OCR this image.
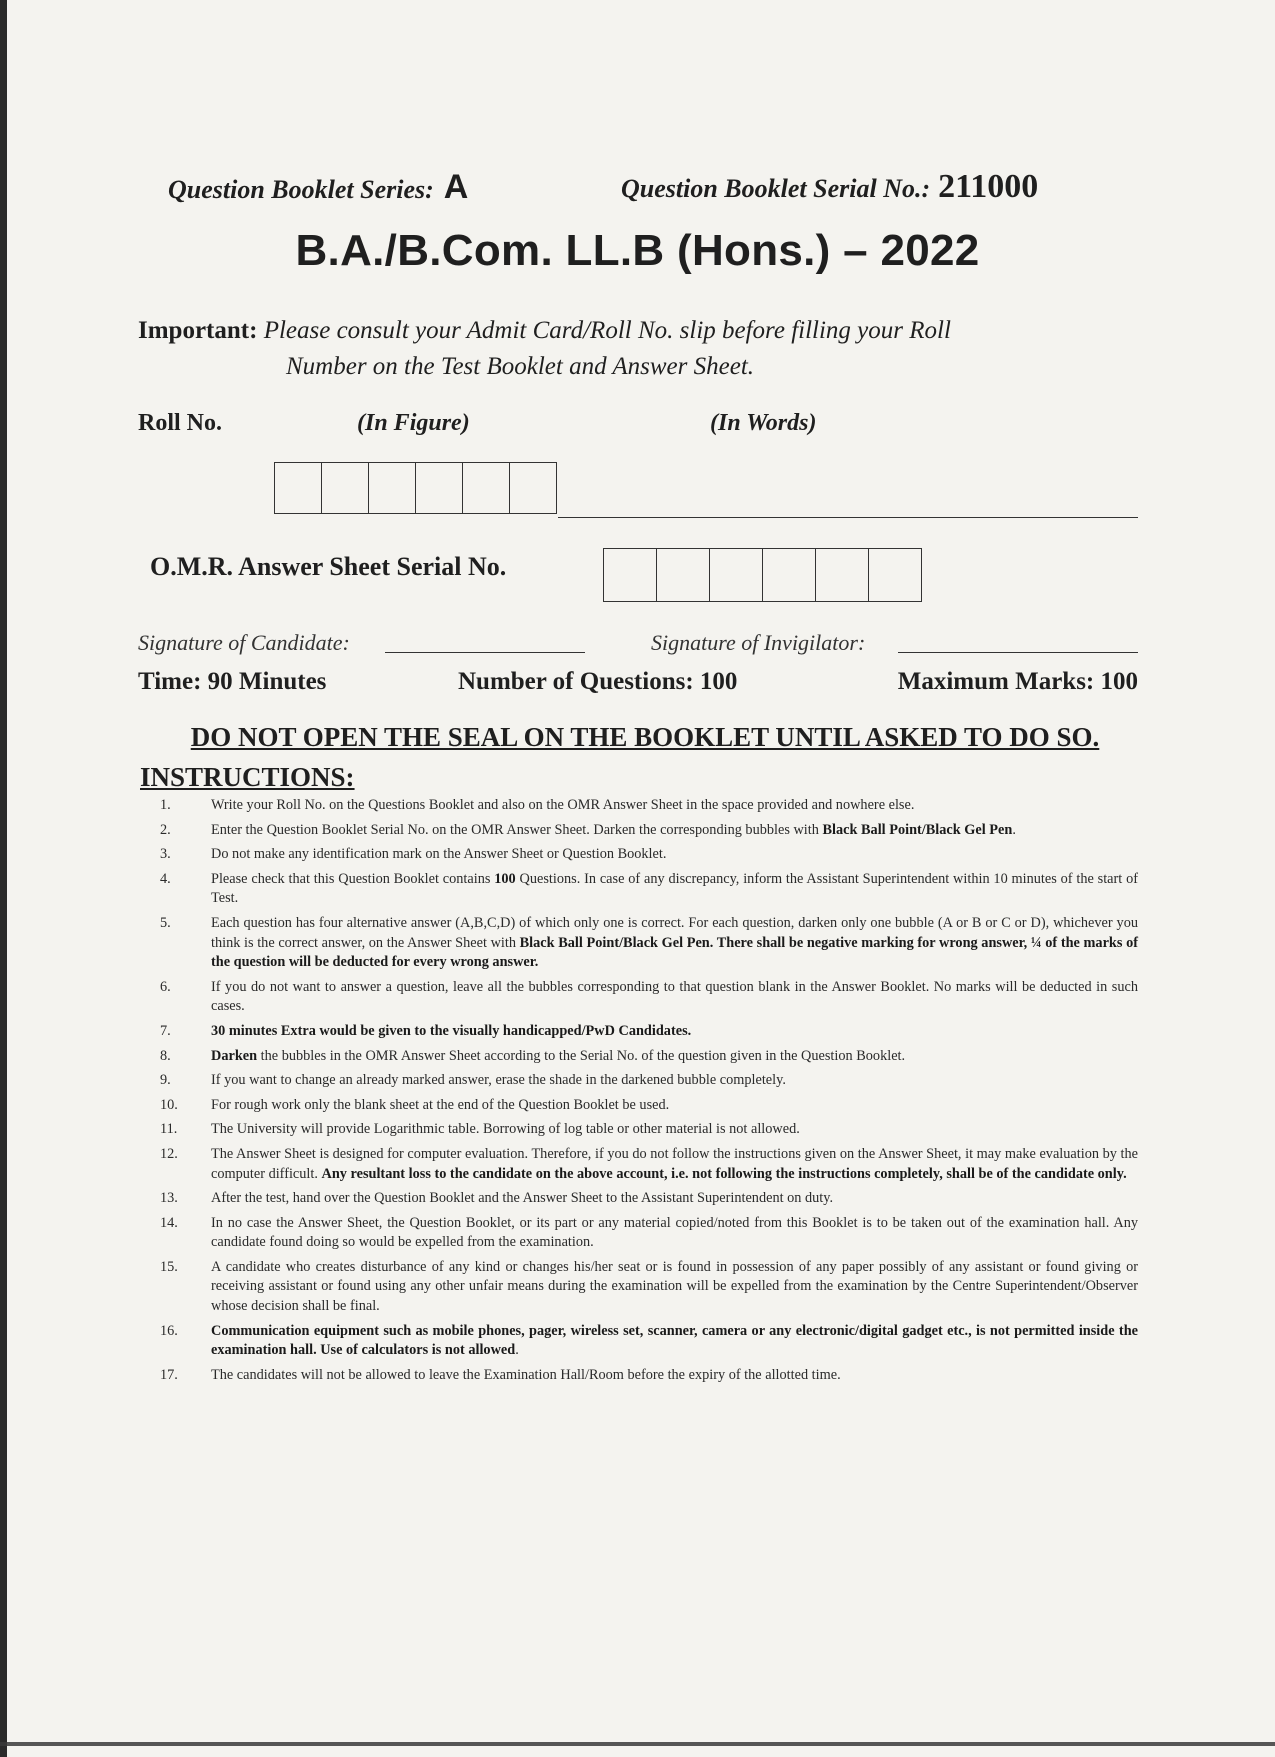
Question Booklet Series: A	Question Booklet Serial No.: 211000
B.A./B.Com. LL.B (Hons.) – 2022
Important: Please consult your Admit Card/Roll No. slip before filling your Roll
Number on the Test Booklet and Answer Sheet.
Roll No.	(In Figure)	(In Words)
O.M.R. Answer Sheet Serial No.
Signature of Candidate:	Signature of Invigilator:
Time: 90 Minutes	Number of Questions: 100	Maximum Marks: 100
DO NOT OPEN THE SEAL ON THE BOOKLET UNTIL ASKED TO DO SO.
INSTRUCTIONS:
1.	Write your Roll No. on the Questions Booklet and also on the OMR Answer Sheet in the space provided and nowhere else.
2.	Enter the Question Booklet Serial No. on the OMR Answer Sheet. Darken the corresponding bubbles with Black Ball Point/Black Gel Pen.
3.	Do not make any identification mark on the Answer Sheet or Question Booklet.
4.	Please check that this Question Booklet contains 100 Questions. In case of any discrepancy, inform the Assistant Superintendent within 10 minutes of the start of Test.
5.	Each question has four alternative answer (A,B,C,D) of which only one is correct. For each question, darken only one bubble (A or B or C or D), whichever you think is the correct answer, on the Answer Sheet with Black Ball Point/Black Gel Pen. There shall be negative marking for wrong answer, ¼ of the marks of the question will be deducted for every wrong answer.
6.	If you do not want to answer a question, leave all the bubbles corresponding to that question blank in the Answer Booklet. No marks will be deducted in such cases.
7.	30 minutes Extra would be given to the visually handicapped/PwD Candidates.
8.	Darken the bubbles in the OMR Answer Sheet according to the Serial No. of the question given in the Question Booklet.
9.	If you want to change an already marked answer, erase the shade in the darkened bubble completely.
10.	For rough work only the blank sheet at the end of the Question Booklet be used.
11.	The University will provide Logarithmic table. Borrowing of log table or other material is not allowed.
12.	The Answer Sheet is designed for computer evaluation. Therefore, if you do not follow the instructions given on the Answer Sheet, it may make evaluation by the computer difficult. Any resultant loss to the candidate on the above account, i.e. not following the instructions completely, shall be of the candidate only.
13.	After the test, hand over the Question Booklet and the Answer Sheet to the Assistant Superintendent on duty.
14.	In no case the Answer Sheet, the Question Booklet, or its part or any material copied/noted from this Booklet is to be taken out of the examination hall. Any candidate found doing so would be expelled from the examination.
15.	A candidate who creates disturbance of any kind or changes his/her seat or is found in possession of any paper possibly of any assistant or found giving or receiving assistant or found using any other unfair means during the examination will be expelled from the examination by the Centre Superintendent/Observer whose decision shall be final.
16.	Communication equipment such as mobile phones, pager, wireless set, scanner, camera or any electronic/digital gadget etc., is not permitted inside the examination hall. Use of calculators is not allowed.
17.	The candidates will not be allowed to leave the Examination Hall/Room before the expiry of the allotted time.
